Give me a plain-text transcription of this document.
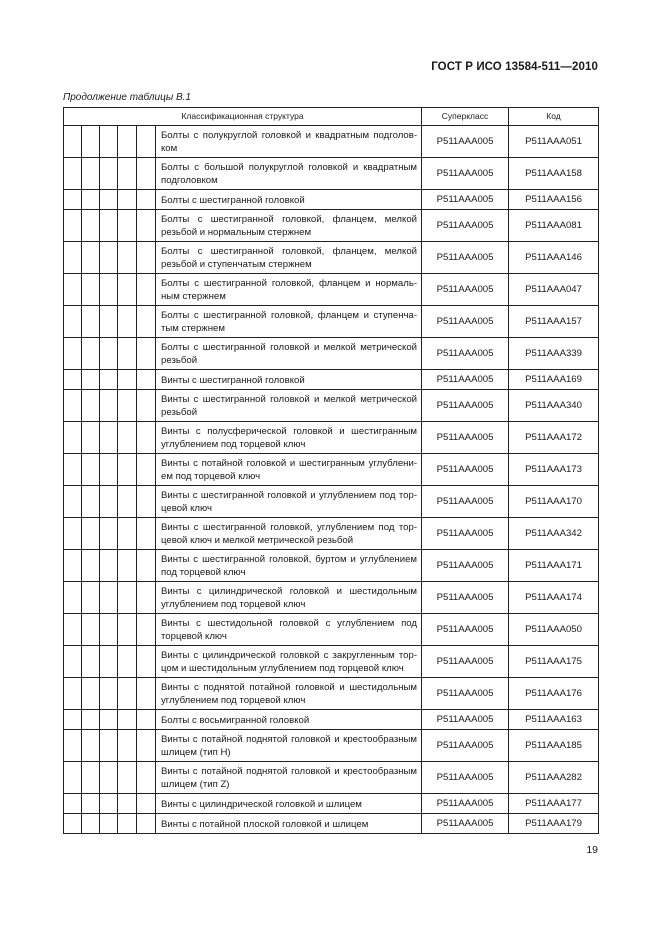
ГОСТ Р ИСО 13584-511—2010
Продолжение таблицы В.1
Классификационная структура						Суперкласс	Код
					Болты с полукруглой головкой и квадратным подголов-ком	P511AAA005	P511AAA051
					Болты с большой полукруглой головкой и квадратным подголовком	P511AAA005	P511AAA158
					Болты с шестигранной головкой	P511AAA005	P511AAA156
					Болты с шестигранной головкой, фланцем, мелкой резьбой и нормальным стержнем	P511AAA005	P511AAA081
					Болты с шестигранной головкой, фланцем, мелкой резьбой и ступенчатым стержнем	P511AAA005	P511AAA146
					Болты с шестигранной головкой, фланцем и нормаль-ным стержнем	P511AAA005	P511AAA047
					Болты с шестигранной головкой, фланцем и ступенча-тым стержнем	P511AAA005	P511AAA157
					Болты с шестигранной головкой и мелкой метрической резьбой	P511AAA005	P511AAA339
					Винты с шестигранной головкой	P511AAA005	P511AAA169
					Винты с шестигранной головкой и мелкой метрической резьбой	P511AAA005	P511AAA340
					Винты с полусферической головкой и шестигранным углублением под торцевой ключ	P511AAA005	P511AAA172
					Винты с потайной головкой и шестигранным углублени-ем под торцевой ключ	P511AAA005	P511AAA173
					Винты с шестигранной головкой и углублением под тор-цевой ключ	P511AAA005	P511AAA170
					Винты с шестигранной головкой, углублением под тор-цевой ключ и мелкой метрической резьбой	P511AAA005	P511AAA342
					Винты с шестигранной головкой, буртом и углублением под торцевой ключ	P511AAA005	P511AAA171
					Винты с цилиндрической головкой и шестидольным углублением под торцевой ключ	P511AAA005	P511AAA174
					Винты с шестидольной головкой с углублением под торцевой ключ	P511AAA005	P511AAA050
					Винты с цилиндрической головкой с закругленным тор-цом и шестидольным углублением под торцевой ключ	P511AAA005	P511AAA175
					Винты с поднятой потайной головкой и шестидольным углублением под торцевой ключ	P511AAA005	P511AAA176
					Болты с восьмигранной головкой	P511AAA005	P511AAA163
					Винты с потайной поднятой головкой и крестообразным шлицем (тип H)	P511AAA005	P511AAA185
					Винты с потайной поднятой головкой и крестообразным шлицем (тип Z)	P511AAA005	P511AAA282
					Винты с цилиндрической головкой и шлицем	P511AAA005	P511AAA177
					Винты с потайной плоской головкой и шлицем	P511AAA005	P511AAA179
19
